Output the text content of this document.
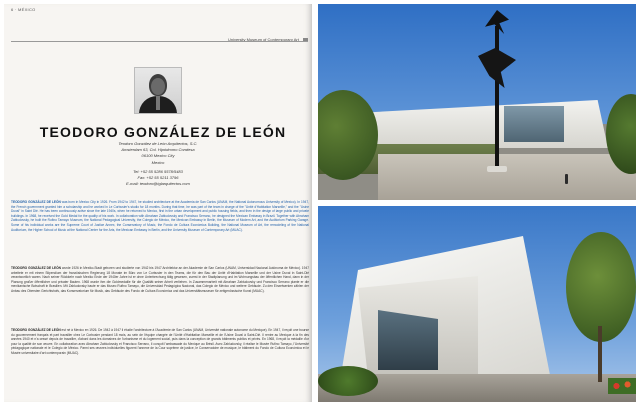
6 · MÉXICO
University Museum of Contemporary Art
TEODORO GONZÁLEZ DE LEÓN
Teodoro González de León Arquitectos, S.C.
Amsterdam 63, Col. Hipódromo Condesa
06100 Mexico City
Mexico
Tel: +52 55 5286 5578/5483
Fax: +52 55 5211 3796
E-mail: teodoro@tglarquitectos.com
TEODORO GONZÁLEZ DE LEÓN was born in Mexico City in 1926. From 1942 to 1947, he studied architecture at the Academia de San Carlos (UNAM, the National Autonomous University of Mexico). In 1947, the French government granted him a scholarship and he worked in Le Corbusier's studio for 18 months. During that time, he was part of the team in charge of the "Unité d'Habitation Marseille," and the "Usine Duval" in Saint Dié. He has been continuously active since the late 1940s, when he returned to Mexico, first in the urban development and public housing fields, and then in the design of large public and private buildings. In 1968, he received the Gold Medal for the quality of his work. In collaboration with Abraham Zabludovsky and Francisco Serrano, he designed the Mexican Embassy in Brazil. Together with Abraham Zabludovsky, he built the Rufino Tamayo Museum, the National Pedagogical University, the Colegio de México, the Mexican Embassy in Berlin, the Museum of Modern Art, and the Auditorium Parking Garage. Some of his individual works are the Supreme Court of Justice Annex, the Conservatory of Music, the Fondo de Cultura Económica Building, the National Museum of Art, the remodeling of the National Auditorium, the Higher School of Music at the National Center for the Arts, the Mexican Embassy in Berlin, and the University Museum of Contemporary Art (MUAC).
TEODORO GONZÁLEZ DE LEÓN wurde 1926 in Mexiko-Stadt geboren und studierte von 1942 bis 1947 Architektur an der Akademie de San Carlos (UNAM, Universidad Nacional Autónoma de México). 1947 arbeitete er mit einem Stipendium der französischen Regierung 18 Monate im Büro von Le Corbusier in den Teams, die für den Bau der Unité d'Habitation Marseille und der Usine Duval in Saint-Dié verantwortlich waren. Nach seiner Rückkehr nach Mexiko Ende der 1940er Jahre ist er ohne Unterbrechung tätig gewesen, zuerst in der Stadtplanung und im Wohnungsbau der öffentlichen Hand, dann in der Planung großer öffentlicher und privater Bauten. 1968 wurde ihm die Goldmedaille für die Qualität seiner Arbeit verliehen. In Zusammenarbeit mit Abraham Zabludovsky und Francisco Serrano plante er die mexikanische Botschaft in Brasilien. Mit Zabludovsky baute er das Museo Rufino Tamayo, die Universidad Pedagógica Nacional, das Colegio de México und weitere Gebäude. Zu den Einzelwerken zählen der Anbau des Obersten Gerichtshofs, das Konservatorium für Musik, das Gebäude des Fondo de Cultura Económica und das Universitätsmuseum für zeitgenössische Kunst (MUAC).
TEODORO GONZÁLEZ DE LEÓN est né à Mexico en 1926. De 1942 à 1947 il étudie l'architecture à l'Académie de San Carlos (UNAM, Université nationale autonome du Mexique). En 1947, il reçoit une bourse du gouvernement français et part travailler chez Le Corbusier pendant 18 mois, au sein de l'équipe chargée de l'Unité d'Habitation Marseille et de l'Usine Duval à Saint-Dié. Il rentre au Mexique à la fin des années 1940 et n'a cessé depuis de travailler, d'abord dans les domaines de l'urbanisme et du logement social, puis dans la conception de grands bâtiments publics et privés. En 1968, il reçoit la médaille d'or pour la qualité de son œuvre. En collaboration avec Abraham Zabludovsky et Francisco Serrano, il conçoit l'ambassade du Mexique au Brésil. Avec Zabludovsky, il réalise le Musée Rufino Tamayo, l'Université pédagogique nationale et le Colegio de México. Parmi ses œuvres individuelles figurent l'annexe de la Cour suprême de justice, le Conservatoire de musique, le bâtiment du Fondo de Cultura Económica et le Musée universitaire d'art contemporain (MUAC).
